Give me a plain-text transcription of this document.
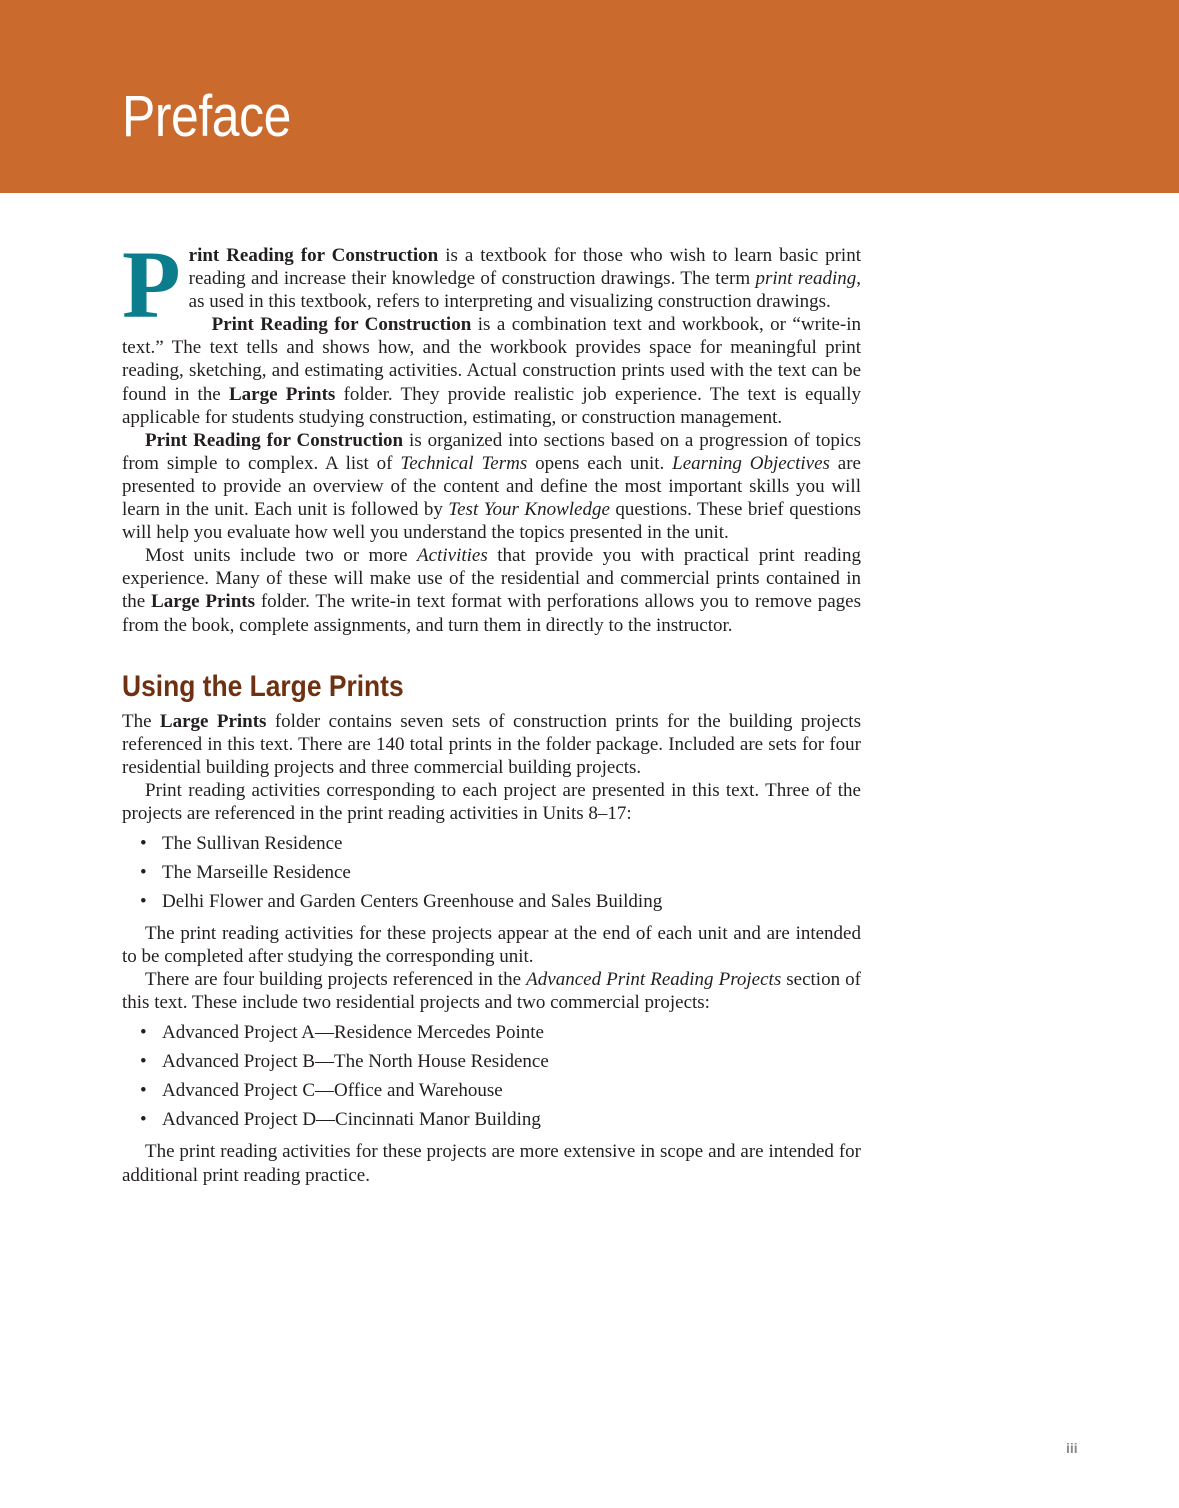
Preface

Print Reading for Construction is a textbook for those who wish to learn basic print reading and increase their knowledge of construction drawings. The term print reading, as used in this textbook, refers to interpreting and visualizing construction drawings.

Print Reading for Construction is a combination text and workbook, or “write-in text.” The text tells and shows how, and the workbook provides space for meaningful print reading, sketching, and estimating activities. Actual construction prints used with the text can be found in the Large Prints folder. They provide realistic job experience. The text is equally applicable for students studying construction, estimating, or construction management.

Print Reading for Construction is organized into sections based on a progression of topics from simple to complex. A list of Technical Terms opens each unit. Learning Objectives are presented to provide an overview of the content and define the most important skills you will learn in the unit. Each unit is followed by Test Your Knowledge questions. These brief questions will help you evaluate how well you understand the topics presented in the unit.

Most units include two or more Activities that provide you with practical print reading experience. Many of these will make use of the residential and commercial prints contained in the Large Prints folder. The write-in text format with perforations allows you to remove pages from the book, complete assignments, and turn them in directly to the instructor.

Using the Large Prints

The Large Prints folder contains seven sets of construction prints for the building projects referenced in this text. There are 140 total prints in the folder package. Included are sets for four residential building projects and three commercial building projects.

Print reading activities corresponding to each project are presented in this text. Three of the projects are referenced in the print reading activities in Units 8–17:

• The Sullivan Residence
• The Marseille Residence
• Delhi Flower and Garden Centers Greenhouse and Sales Building

The print reading activities for these projects appear at the end of each unit and are intended to be completed after studying the corresponding unit.

There are four building projects referenced in the Advanced Print Reading Projects section of this text. These include two residential projects and two commercial projects:

• Advanced Project A—Residence Mercedes Pointe
• Advanced Project B—The North House Residence
• Advanced Project C—Office and Warehouse
• Advanced Project D—Cincinnati Manor Building

The print reading activities for these projects are more extensive in scope and are intended for additional print reading practice.

iii
